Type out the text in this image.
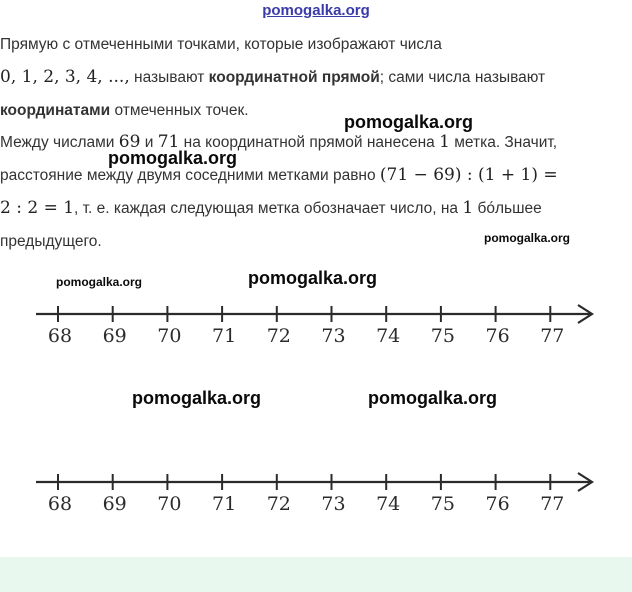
pomogalka.org
Прямую с отмеченными точками, которые изображают числа
0, 1, 2, 3, 4, ..., называют координатной прямой; сами числа называют
координатами отмеченных точек.
Между числами 69 и 71 на координатной прямой нанесена 1 метка. Значит,
расстояние между двумя соседними метками равно (71 − 69) : (1 + 1) =
2 : 2 = 1, т. е. каждая следующая метка обозначает число, на 1 бо́льшее
предыдущего.
pomogalka.org
pomogalka.org
pomogalka.org
pomogalka.org	pomogalka.org
pomogalka.org	pomogalka.org
68 69 70 71 72 73 74 75 76 77
68 69 70 71 72 73 74 75 76 77
